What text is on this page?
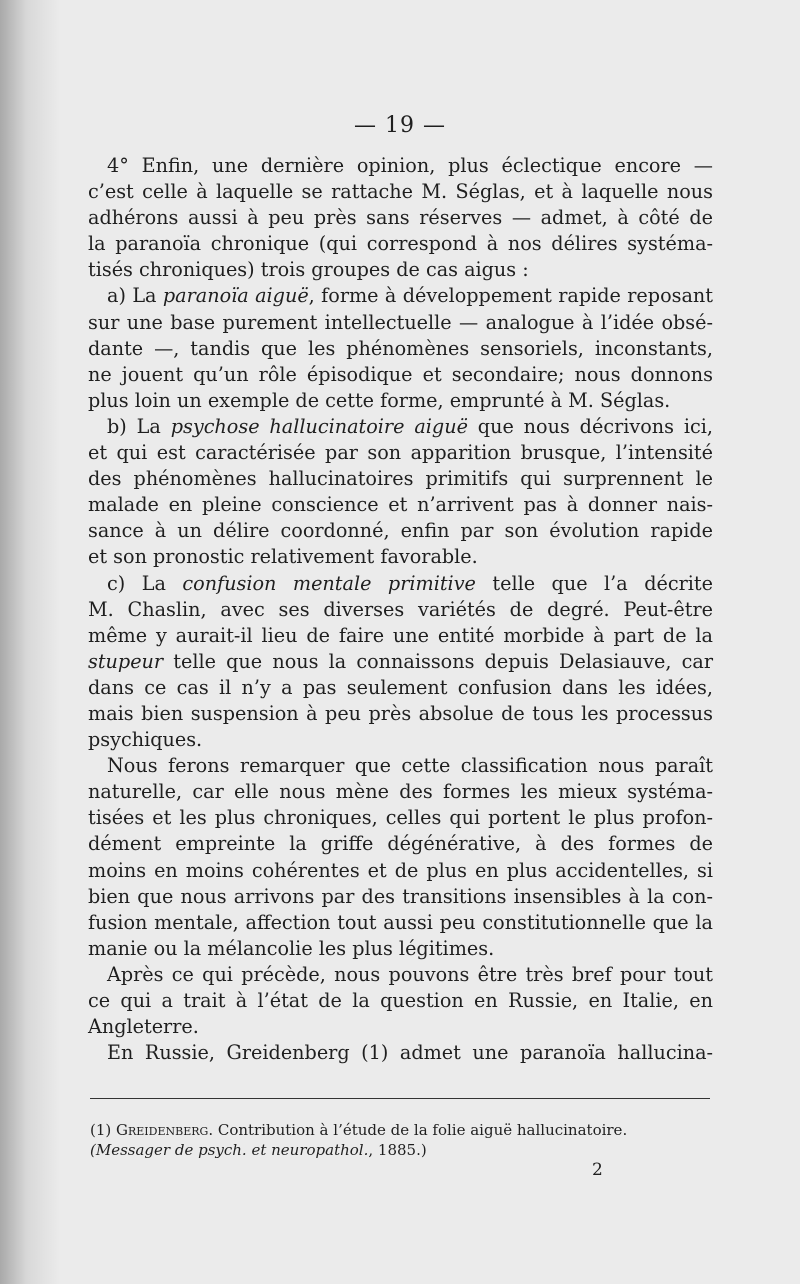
— 19 —

4° Enfin, une dernière opinion, plus éclectique encore —
c’est celle à laquelle se rattache M. Séglas, et à laquelle nous
adhérons aussi à peu près sans réserves — admet, à côté de
la paranoïa chronique (qui correspond à nos délires systéma-
tisés chroniques) trois groupes de cas aigus :

a) La paranoïa aiguë, forme à développement rapide reposant
sur une base purement intellectuelle — analogue à l’idée obsé-
dante —, tandis que les phénomènes sensoriels, inconstants,
ne jouent qu’un rôle épisodique et secondaire; nous donnons
plus loin un exemple de cette forme, emprunté à M. Séglas.

b) La psychose hallucinatoire aiguë que nous décrivons ici,
et qui est caractérisée par son apparition brusque, l’intensité
des phénomènes hallucinatoires primitifs qui surprennent le
malade en pleine conscience et n’arrivent pas à donner nais-
sance à un délire coordonné, enfin par son évolution rapide
et son pronostic relativement favorable.

c) La confusion mentale primitive telle que l’a décrite
M. Chaslin, avec ses diverses variétés de degré. Peut-être
même y aurait-il lieu de faire une entité morbide à part de la
stupeur telle que nous la connaissons depuis Delasiauve, car
dans ce cas il n’y a pas seulement confusion dans les idées,
mais bien suspension à peu près absolue de tous les processus
psychiques.

Nous ferons remarquer que cette classification nous paraît
naturelle, car elle nous mène des formes les mieux systéma-
tisées et les plus chroniques, celles qui portent le plus profon-
dément empreinte la griffe dégénérative, à des formes de
moins en moins cohérentes et de plus en plus accidentelles, si
bien que nous arrivons par des transitions insensibles à la con-
fusion mentale, affection tout aussi peu constitutionnelle que la
manie ou la mélancolie les plus légitimes.

Après ce qui précède, nous pouvons être très bref pour tout
ce qui a trait à l’état de la question en Russie, en Italie, en
Angleterre.

En Russie, Greidenberg (1) admet une paranoïa hallucina-

(1) Greidenberg. Contribution à l’étude de la folie aiguë hallucinatoire.
(Messager de psych. et neuropathol., 1885.)
2
